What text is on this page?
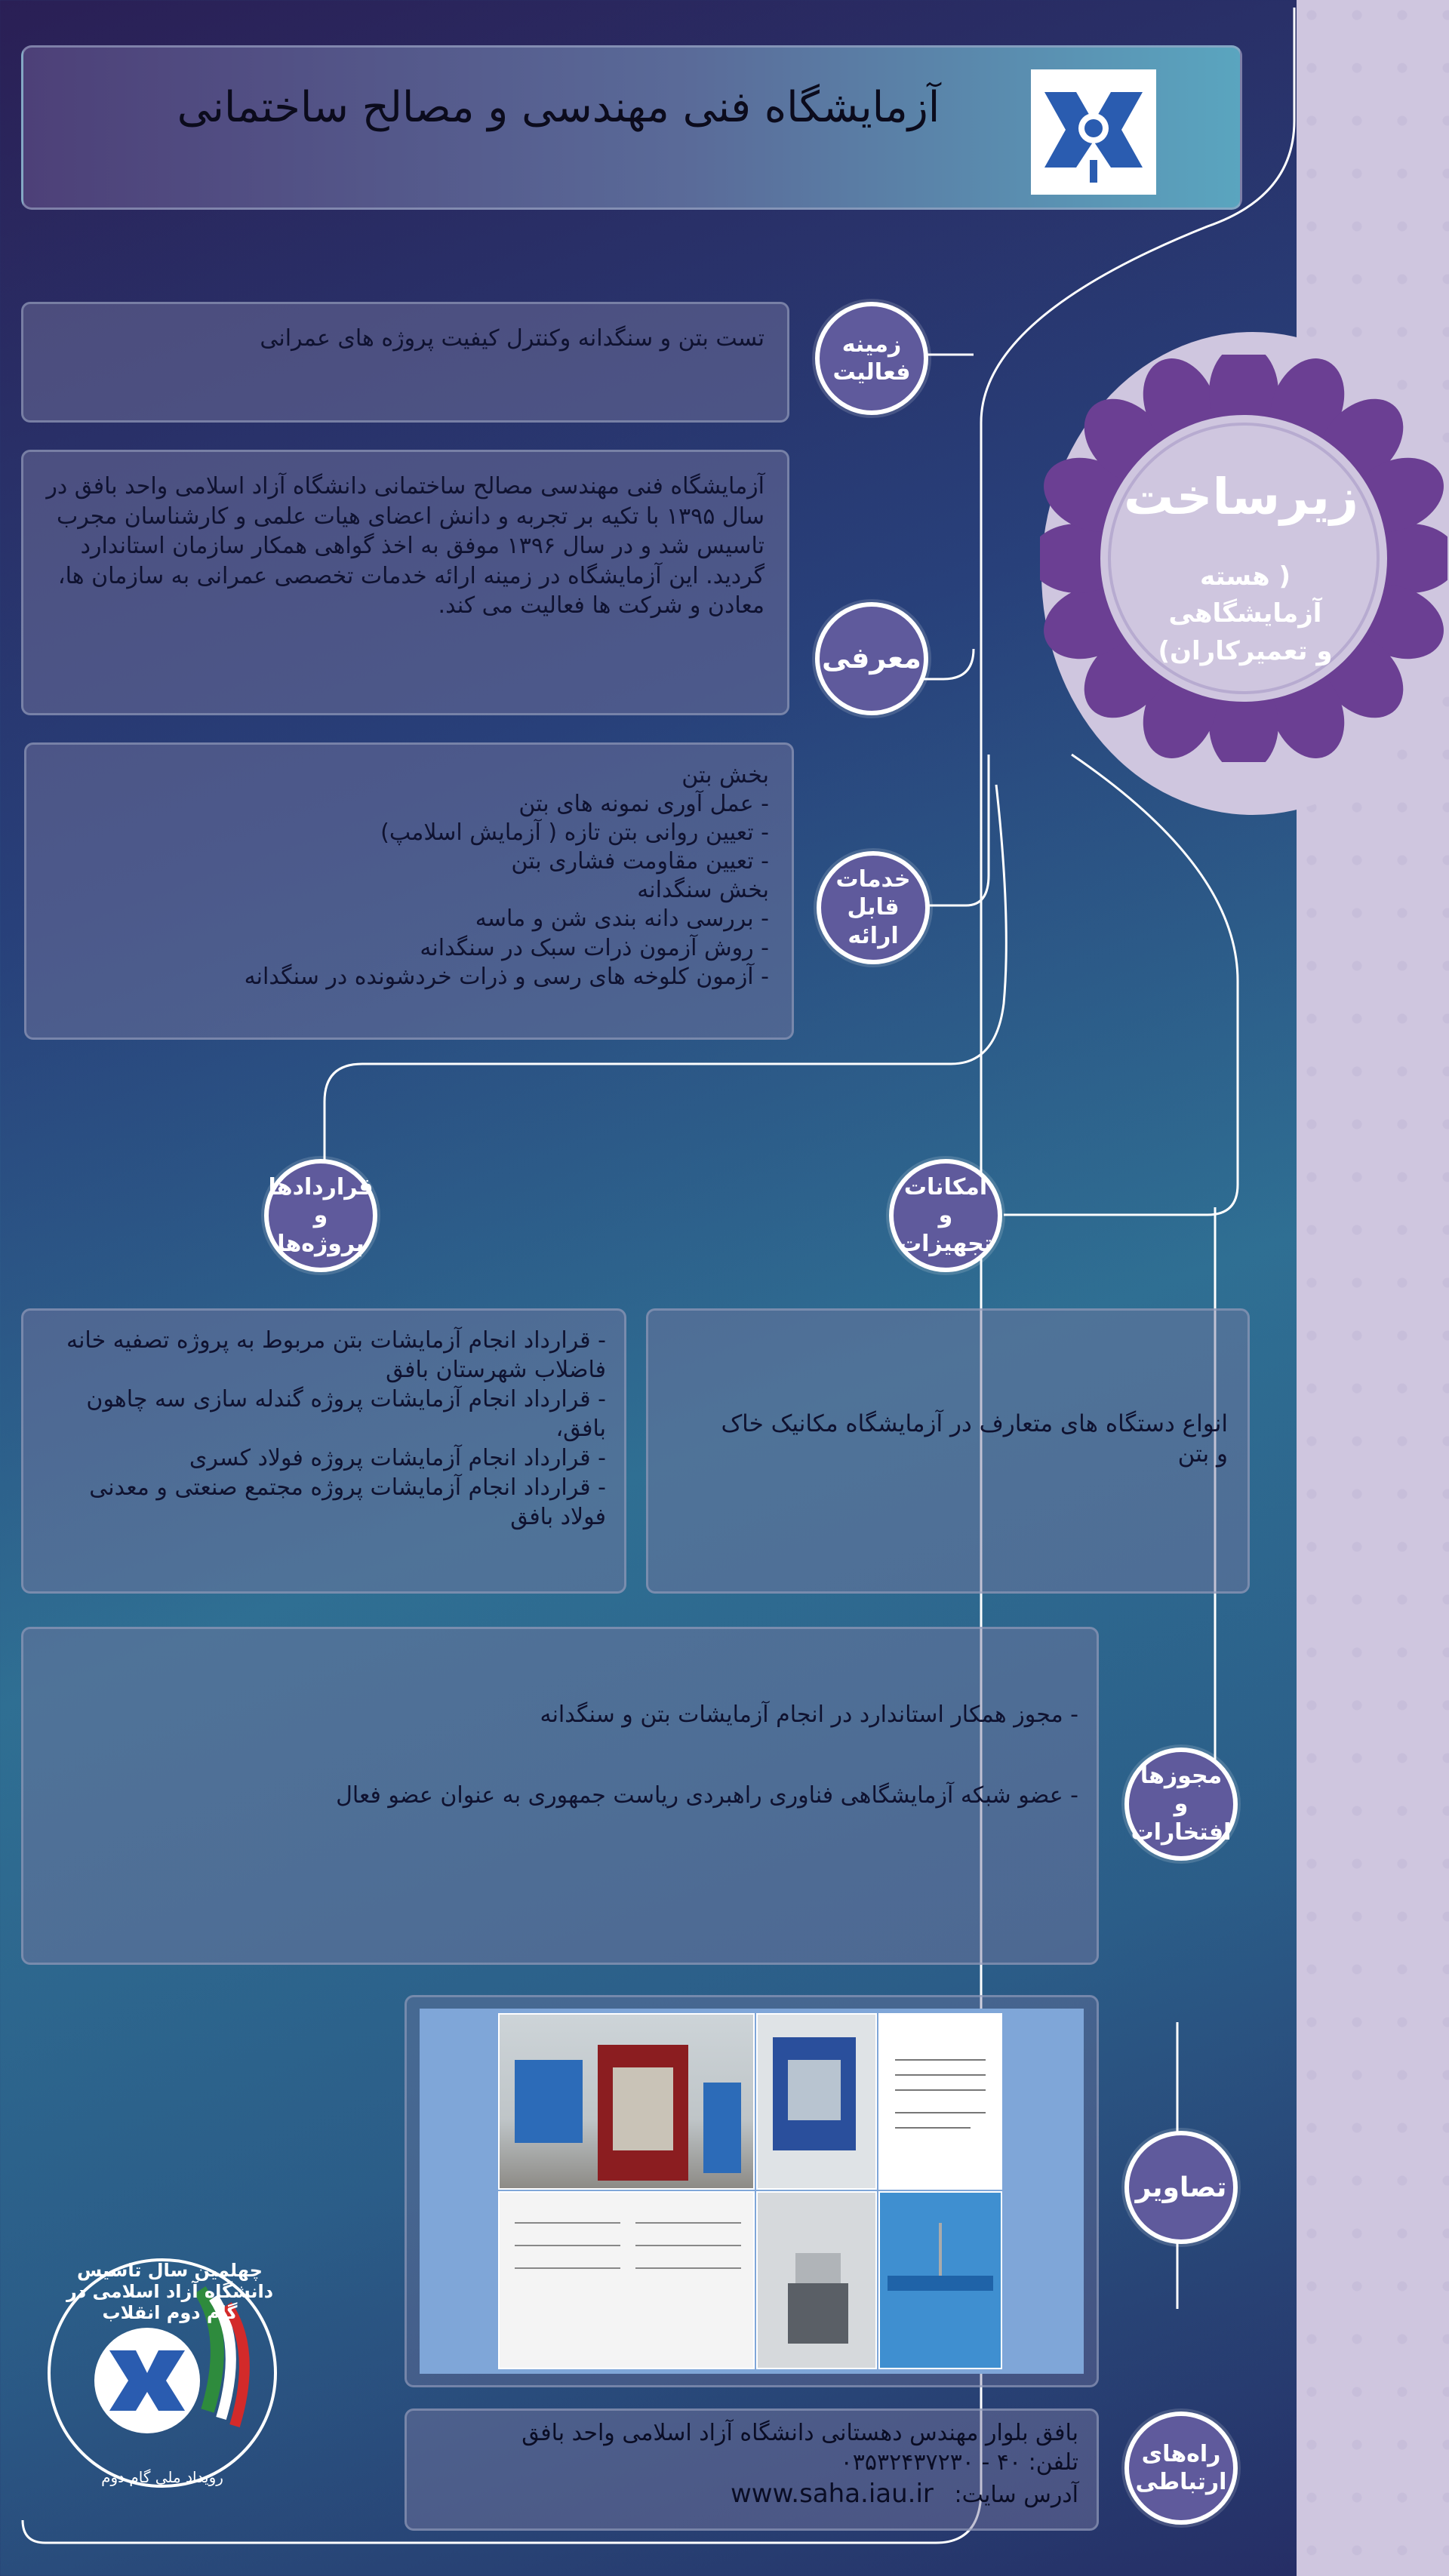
آزمایشگاه فنی مهندسی و مصالح ساختمانی
زیرساخت
( هسته آزمایشگاهی
و تعمیرکاران)

تست بتن و سنگدانه وکنترل کیفیت پروژه های عمرانی	زمینه
فعالیت

آزمایشگاه فنی مهندسی مصالح ساختمانی دانشگاه آزاد اسلامی واحد بافق در سال ۱۳۹۵ با تکیه بر تجربه و دانش اعضای هیات علمی و کارشناسان مجرب تاسیس شد و در سال ۱۳۹۶ موفق به اخذ گواهی همکار سازمان استاندارد گردید. این آزمایشگاه در زمینه ارائه خدمات تخصصی عمرانی به سازمان ها، معادن و شرکت ها فعالیت می کند.

معرفی
بخش بتن
- عمل آوری نمونه های بتن
- تعیین روانی بتن تازه ( آزمایش اسلامپ)
- تعیین مقاومت فشاری بتن
بخش سنگدانه
- بررسی دانه بندی شن و ماسه
- روش آزمون ذرات سبک در سنگدانه
- آزمون کلوخه های رسی و ذرات خردشونده در سنگدانه
خدمات
قابل ارائه
قراردادها و
پروژه‌ها
امکانات و
تجهیزات
- قرارداد انجام آزمایشات بتن مربوط به پروژه تصفیه خانه فاضلاب شهرستان بافق
- قرارداد انجام آزمایشات پروژه گندله سازی سه چاهون بافق،
- قرارداد انجام آزمایشات پروژه فولاد کسری
- قرارداد انجام آزمایشات پروژه مجتمع صنعتی و معدنی فولاد بافق

انواع دستگاه های متعارف در آزمایشگاه مکانیک خاک و بتن

- مجوز همکار استاندارد در انجام آزمایشات بتن و سنگدانه
- عضو شبکه آزمایشگاهی فناوری راهبردی ریاست جمهوری به عنوان عضو فعال
مجوزها
و افتخارات
تصاویر
بافق بلوار مهندس دهستانی دانشگاه آزاد اسلامی واحد بافق
تلفن: ۴۰ - ۰۳۵۳۲۴۳۷۲۳۰
آدرس سایت: www.saha.iau.ir
راه‌های
ارتباطی
چهلمین سال تاسیس دانشگاه آزاد اسلامی در گام دوم انقلاب
رویداد ملی گام دوم
